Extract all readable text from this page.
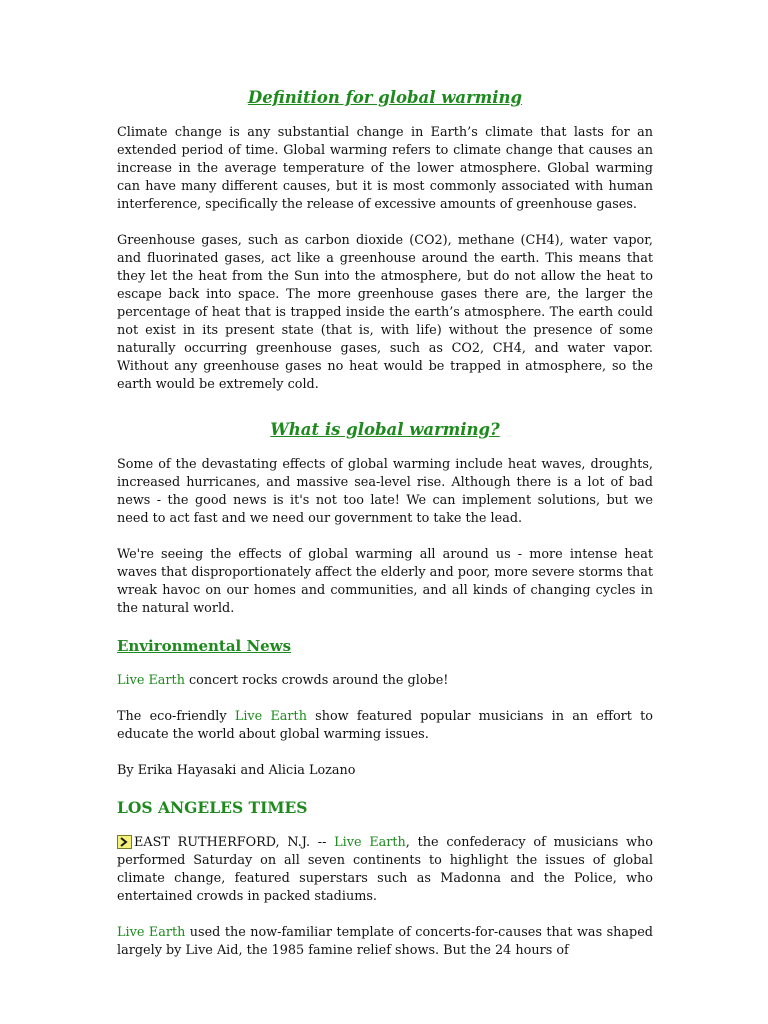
Definition for global warming

Climate change is any substantial change in Earth’s climate that lasts for an extended period of time. Global warming refers to climate change that causes an increase in the average temperature of the lower atmosphere. Global warming can have many different causes, but it is most commonly associated with human interference, specifically the release of excessive amounts of greenhouse gases.

Greenhouse gases, such as carbon dioxide (CO2), methane (CH4), water vapor, and fluorinated gases, act like a greenhouse around the earth. This means that they let the heat from the Sun into the atmosphere, but do not allow the heat to escape back into space. The more greenhouse gases there are, the larger the percentage of heat that is trapped inside the earth’s atmosphere. The earth could not exist in its present state (that is, with life) without the presence of some naturally occurring greenhouse gases, such as CO2, CH4, and water vapor. Without any greenhouse gases no heat would be trapped in atmosphere, so the earth would be extremely cold.

What is global warming?

Some of the devastating effects of global warming include heat waves, droughts, increased hurricanes, and massive sea-level rise. Although there is a lot of bad news - the good news is it's not too late! We can implement solutions, but we need to act fast and we need our government to take the lead.

We're seeing the effects of global warming all around us - more intense heat waves that disproportionately affect the elderly and poor, more severe storms that wreak havoc on our homes and communities, and all kinds of changing cycles in the natural world.

Environmental News

Live Earth concert rocks crowds around the globe!

The eco-friendly Live Earth show featured popular musicians in an effort to educate the world about global warming issues.

By Erika Hayasaki and Alicia Lozano

LOS ANGELES TIMES

EAST RUTHERFORD, N.J. -- Live Earth, the confederacy of musicians who performed Saturday on all seven continents to highlight the issues of global climate change, featured superstars such as Madonna and the Police, who entertained crowds in packed stadiums.

Live Earth used the now-familiar template of concerts-for-causes that was shaped largely by Live Aid, the 1985 famine relief shows. But the 24 hours of
